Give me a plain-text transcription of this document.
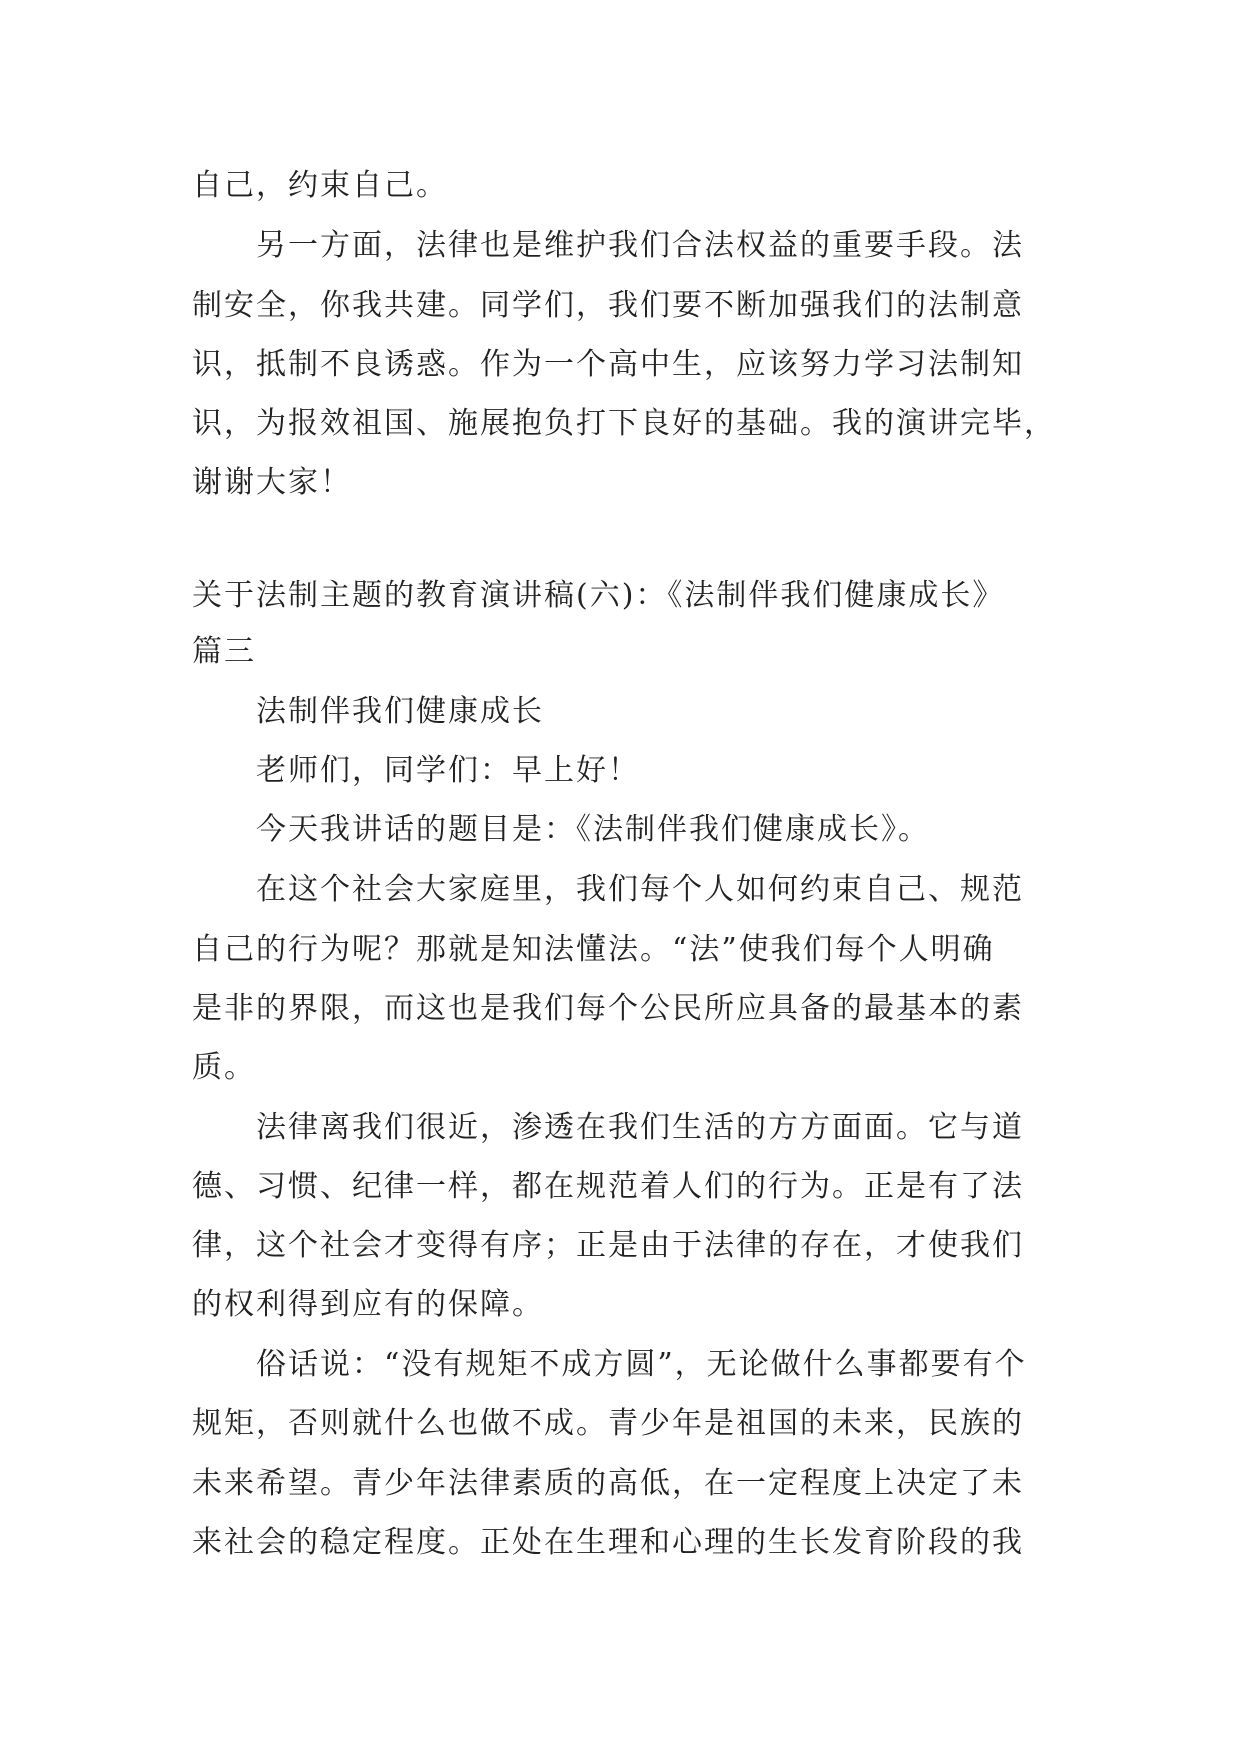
自己，约束自己。
另一方面，法律也是维护我们合法权益的重要手段。法
制安全，你我共建。同学们，我们要不断加强我们的法制意
识，抵制不良诱惑。作为一个高中生，应该努力学习法制知
识，为报效祖国、施展抱负打下良好的基础。我的演讲完毕，
谢谢大家！
关于法制主题的教育演讲稿(六)：《法制伴我们健康成长》
篇三
法制伴我们健康成长
老师们，同学们：早上好！
今天我讲话的题目是：《法制伴我们健康成长》。
在这个社会大家庭里，我们每个人如何约束自己、规范
自己的行为呢？那就是知法懂法。“法”使我们每个人明确
是非的界限，而这也是我们每个公民所应具备的最基本的素
质。
法律离我们很近，渗透在我们生活的方方面面。它与道
德、习惯、纪律一样，都在规范着人们的行为。正是有了法
律，这个社会才变得有序；正是由于法律的存在，才使我们
的权利得到应有的保障。
俗话说：“没有规矩不成方圆”，无论做什么事都要有个
规矩，否则就什么也做不成。青少年是祖国的未来，民族的
未来希望。青少年法律素质的高低，在一定程度上决定了未
来社会的稳定程度。正处在生理和心理的生长发育阶段的我
